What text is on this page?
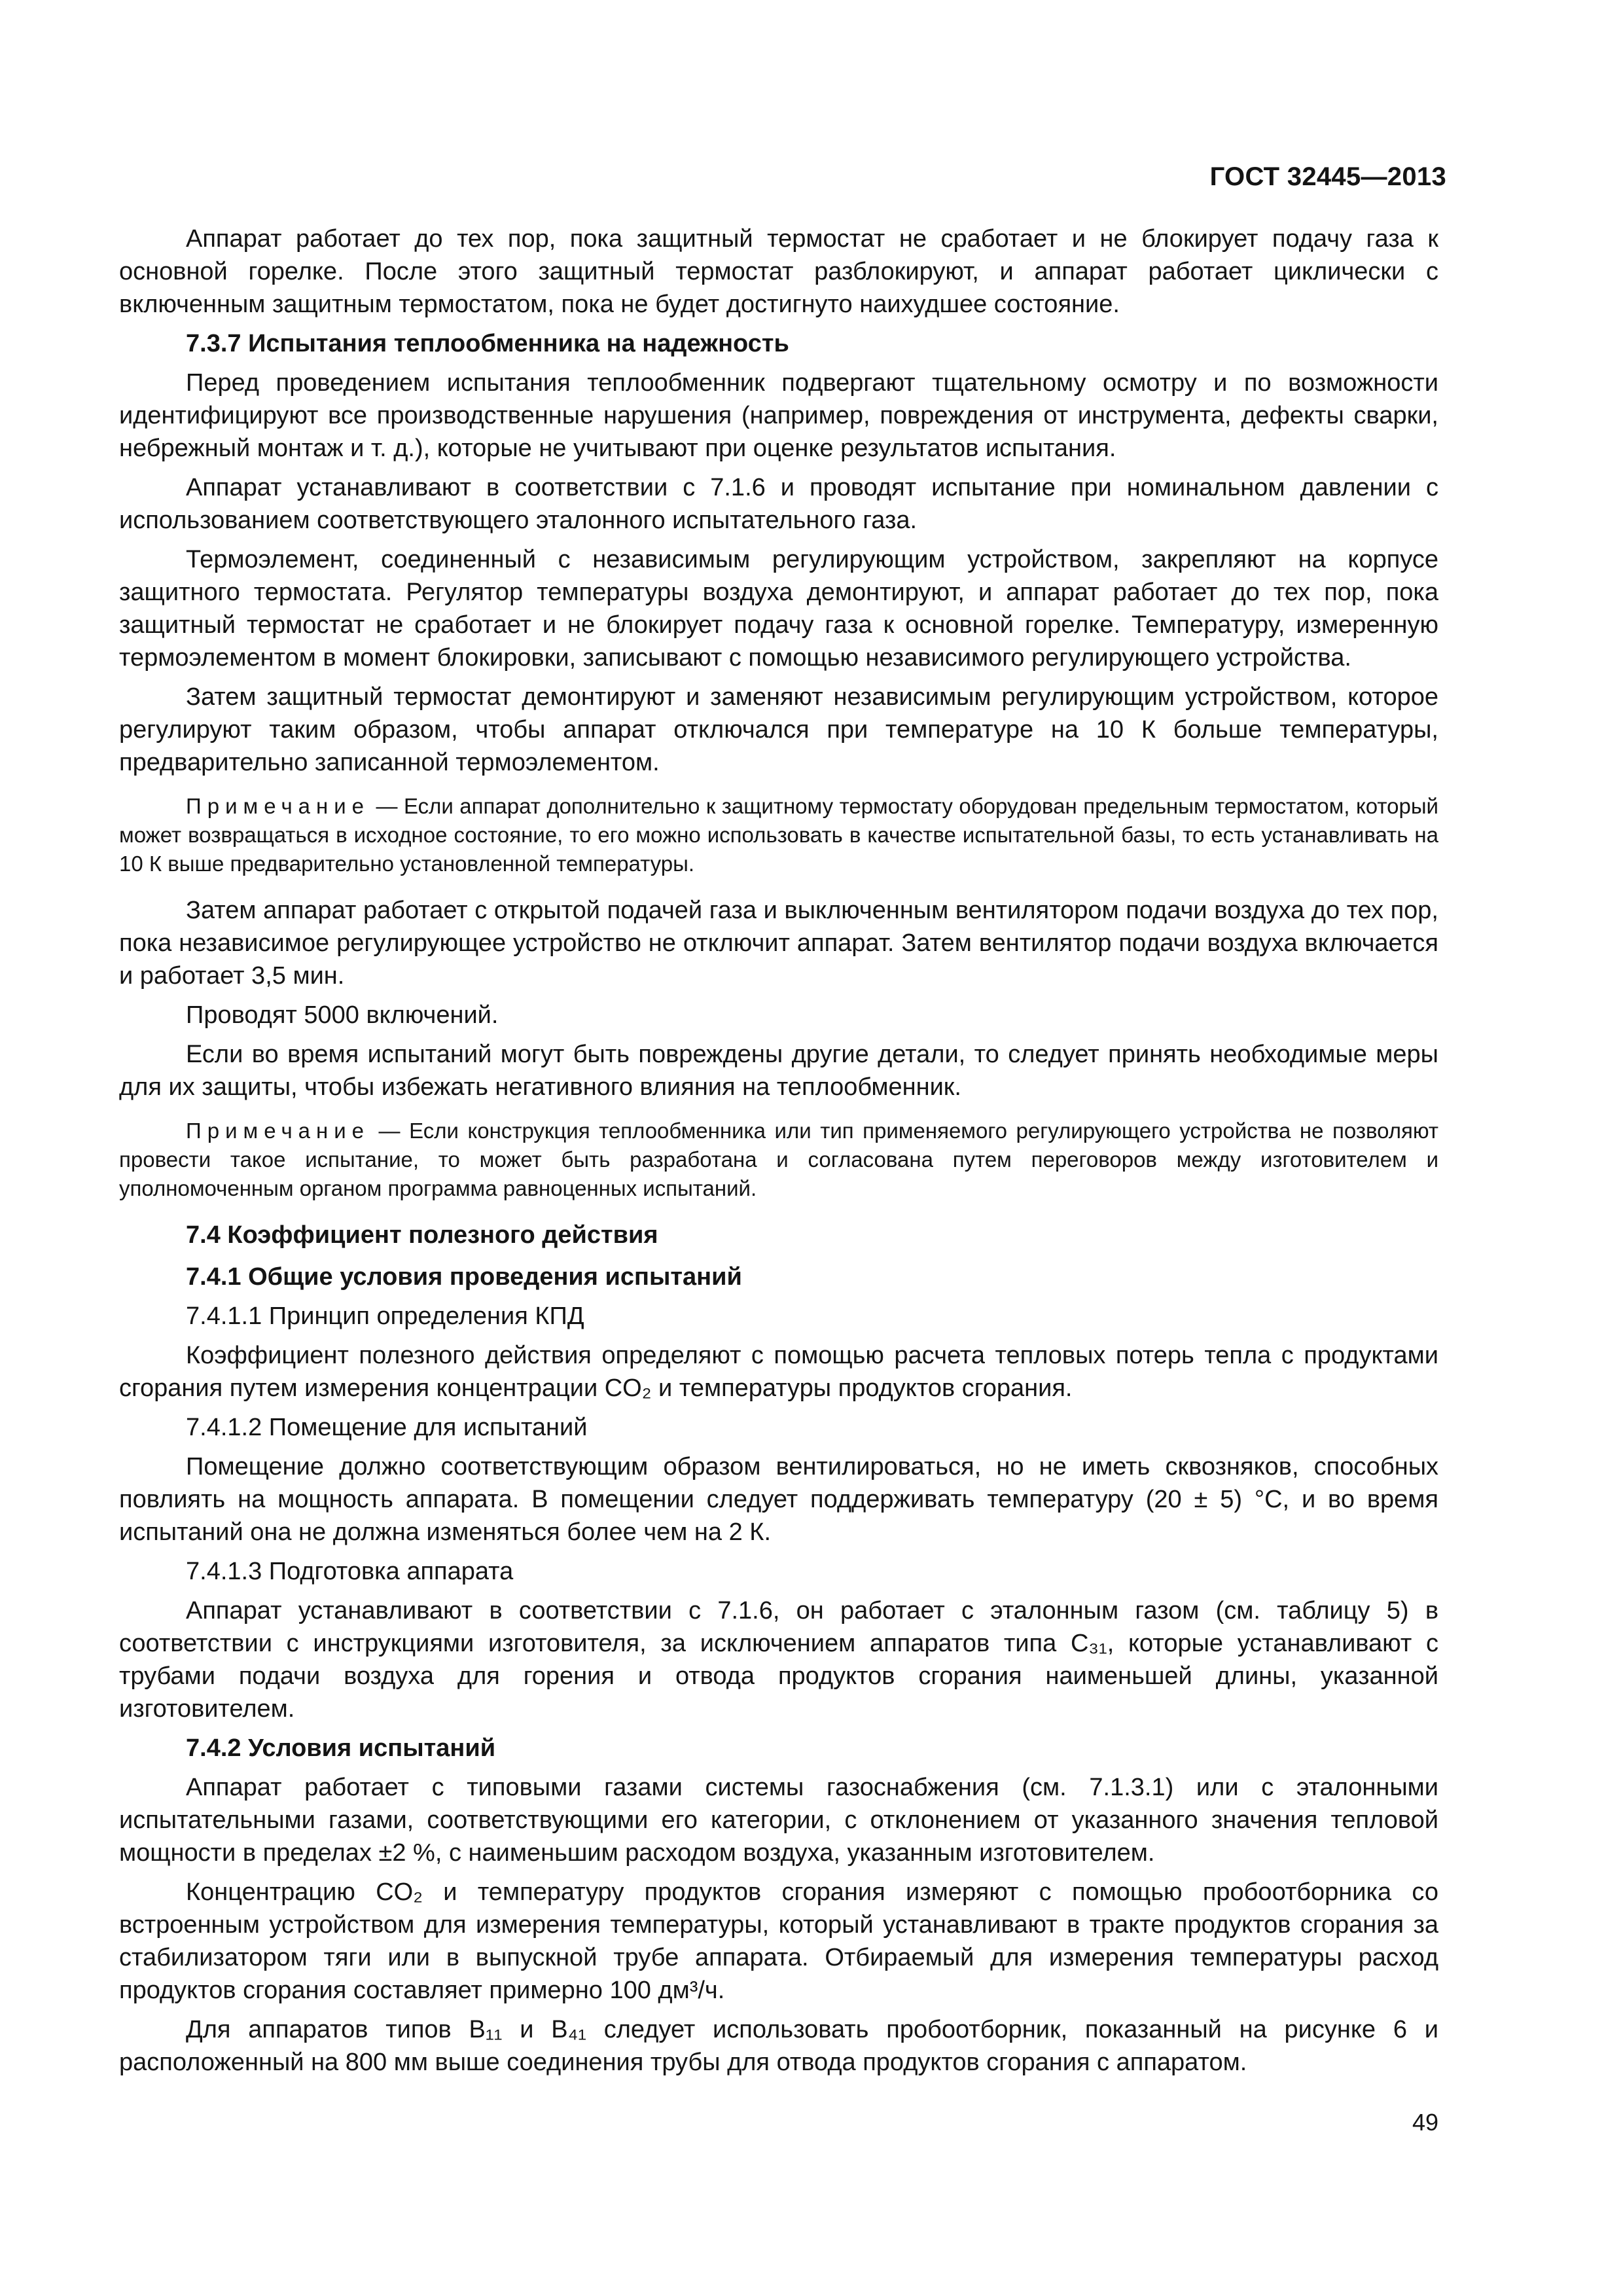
ГОСТ 32445—2013
Аппарат работает до тех пор, пока защитный термостат не сработает и не блокирует подачу газа к основной горелке. После этого защитный термостат разблокируют, и аппарат работает циклически с включенным защитным термостатом, пока не будет достигнуто наихудшее состояние.
7.3.7 Испытания теплообменника на надежность
Перед проведением испытания теплообменник подвергают тщательному осмотру и по возможности идентифицируют все производственные нарушения (например, повреждения от инструмента, дефекты сварки, небрежный монтаж и т. д.), которые не учитывают при оценке результатов испытания.
Аппарат устанавливают в соответствии с 7.1.6 и проводят испытание при номинальном давлении с использованием соответствующего эталонного испытательного газа.
Термоэлемент, соединенный с независимым регулирующим устройством, закрепляют на корпусе защитного термостата. Регулятор температуры воздуха демонтируют, и аппарат работает до тех пор, пока защитный термостат не сработает и не блокирует подачу газа к основной горелке. Температуру, измеренную термоэлементом в момент блокировки, записывают с помощью независимого регулирующего устройства.
Затем защитный термостат демонтируют и заменяют независимым регулирующим устройством, которое регулируют таким образом, чтобы аппарат отключался при температуре на 10 К больше температуры, предварительно записанной термоэлементом.
Примечание — Если аппарат дополнительно к защитному термостату оборудован предельным термостатом, который может возвращаться в исходное состояние, то его можно использовать в качестве испытательной базы, то есть устанавливать на 10 К выше предварительно установленной температуры.
Затем аппарат работает с открытой подачей газа и выключенным вентилятором подачи воздуха до тех пор, пока независимое регулирующее устройство не отключит аппарат. Затем вентилятор подачи воздуха включается и работает 3,5 мин.
Проводят 5000 включений.
Если во время испытаний могут быть повреждены другие детали, то следует принять необходимые меры для их защиты, чтобы избежать негативного влияния на теплообменник.
Примечание — Если конструкция теплообменника или тип применяемого регулирующего устройства не позволяют провести такое испытание, то может быть разработана и согласована путем переговоров между изготовителем и уполномоченным органом программа равноценных испытаний.
7.4 Коэффициент полезного действия
7.4.1 Общие условия проведения испытаний
7.4.1.1 Принцип определения КПД
Коэффициент полезного действия определяют с помощью расчета тепловых потерь тепла с продуктами сгорания путем измерения концентрации CO₂ и температуры продуктов сгорания.
7.4.1.2 Помещение для испытаний
Помещение должно соответствующим образом вентилироваться, но не иметь сквозняков, способных повлиять на мощность аппарата. В помещении следует поддерживать температуру (20 ± 5) °С, и во время испытаний она не должна изменяться более чем на 2 К.
7.4.1.3 Подготовка аппарата
Аппарат устанавливают в соответствии с 7.1.6, он работает с эталонным газом (см. таблицу 5) в соответствии с инструкциями изготовителя, за исключением аппаратов типа C₃₁, которые устанавливают с трубами подачи воздуха для горения и отвода продуктов сгорания наименьшей длины, указанной изготовителем.
7.4.2 Условия испытаний
Аппарат работает с типовыми газами системы газоснабжения (см. 7.1.3.1) или с эталонными испытательными газами, соответствующими его категории, с отклонением от указанного значения тепловой мощности в пределах ±2 %, с наименьшим расходом воздуха, указанным изготовителем.
Концентрацию CO₂ и температуру продуктов сгорания измеряют с помощью пробоотборника со встроенным устройством для измерения температуры, который устанавливают в тракте продуктов сгорания за стабилизатором тяги или в выпускной трубе аппарата. Отбираемый для измерения температуры расход продуктов сгорания составляет примерно 100 дм³/ч.
Для аппаратов типов B₁₁ и B₄₁ следует использовать пробоотборник, показанный на рисунке 6 и расположенный на 800 мм выше соединения трубы для отвода продуктов сгорания с аппаратом.
49
